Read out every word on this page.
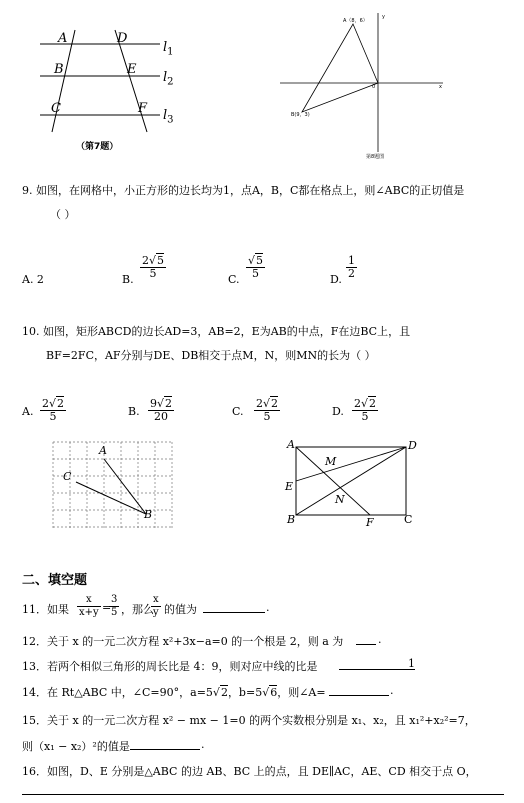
A	D
B	E
C	F
$l_1$
$l_2$
$l_3$
（第7题）
A（8，6）
B(9，3)
0	x
y
第8题图
9. 如图，在网格中，小正方形的边长均为1，点A，B，C都在格点上，则∠ABC的正切值是
（ ）
A. 2	B. $\frac{2√5}{5}$	C. $\frac{√5}{5}$	D. $\frac{1}{2}$
10. 如图，矩形ABCD的边长AD=3，AB=2，E为AB的中点，F在边BC上，且
BF=2FC，AF分别与DE、DB相交于点M，N，则MN的长为（ ）
A. $\frac{2√2}{5}$	B. $\frac{9√2}{20}$	C. $\frac{2√2}{5}$	D. $\frac{2√2}{5}$
A
C
B
A	D
M
E
N
B	F	C
二、填空题
11．如果 $\frac{x}{x+y}$ =
$\frac{3}{5}$ ，那么
$\frac{x}{y}$ 的值为	.
12．关于 x 的一元二次方程 x²+3x−a=0 的一个根是 2，则 a 为	.
13．若两个相似三角形的周长比是 4：9，则对应中线的比是	1
14．在 Rt△ABC 中，∠C=90°，a=5√2，b=5√6，则∠A=	.
15．关于 x 的一元二次方程 x² − mx − 1=0 的两个实数根分别是 x₁、x₂，且 x₁²+x₂²=7，
则（x₁ − x₂）²的值是	.
16．如图，D、E 分别是△ABC 的边 AB、BC 上的点，且 DE∥AC，AE、CD 相交于点 O，
